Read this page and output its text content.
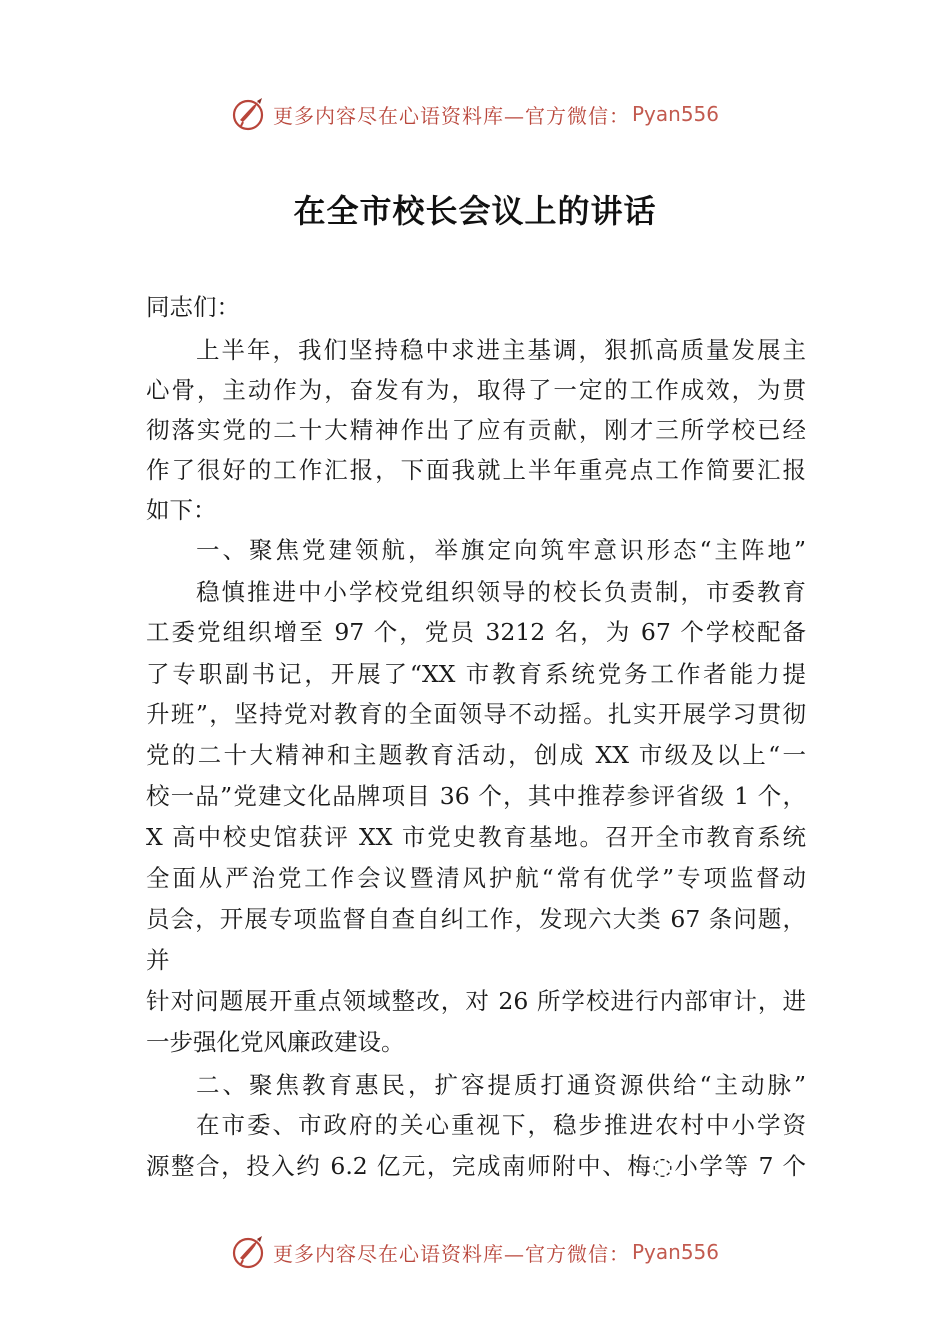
更多内容尽在心语资料库—官方微信： Pyan556
在全市校长会议上的讲话

同志们：

上半年，我们坚持稳中求进主基调，狠抓高质量发展主

心骨，主动作为，奋发有为，取得了一定的工作成效，为贯

彻落实党的二十大精神作出了应有贡献，刚才三所学校已经

作了很好的工作汇报，下面我就上半年重亮点工作简要汇报

如下：

一、聚焦党建领航，举旗定向筑牢意识形态“主阵地”

稳慎推进中小学校党组织领导的校长负责制，市委教育

工委党组织增至 97 个，党员 3212 名，为 67 个学校配备

了专职副书记，开展了“XX 市教育系统党务工作者能力提

升班”，坚持党对教育的全面领导不动摇。扎实开展学习贯彻

党的二十大精神和主题教育活动，创成 XX 市级及以上“一

校一品”党建文化品牌项目 36 个，其中推荐参评省级 1 个，

X 高中校史馆获评 XX 市党史教育基地。召开全市教育系统

全面从严治党工作会议暨清风护航“常有优学”专项监督动

员会，开展专项监督自查自纠工作，发现六大类 67 条问题，

并

针对问题展开重点领域整改，对 26 所学校进行内部审计，进

一步强化党风廉政建设。

二、聚焦教育惠民，扩容提质打通资源供给“主动脉”

在市委、市政府的关心重视下，稳步推进农村中小学资

源整合，投入约 6.2 亿元，完成南师附中、梅◌小学等 7 个

更多内容尽在心语资料库—官方微信： Pyan556
